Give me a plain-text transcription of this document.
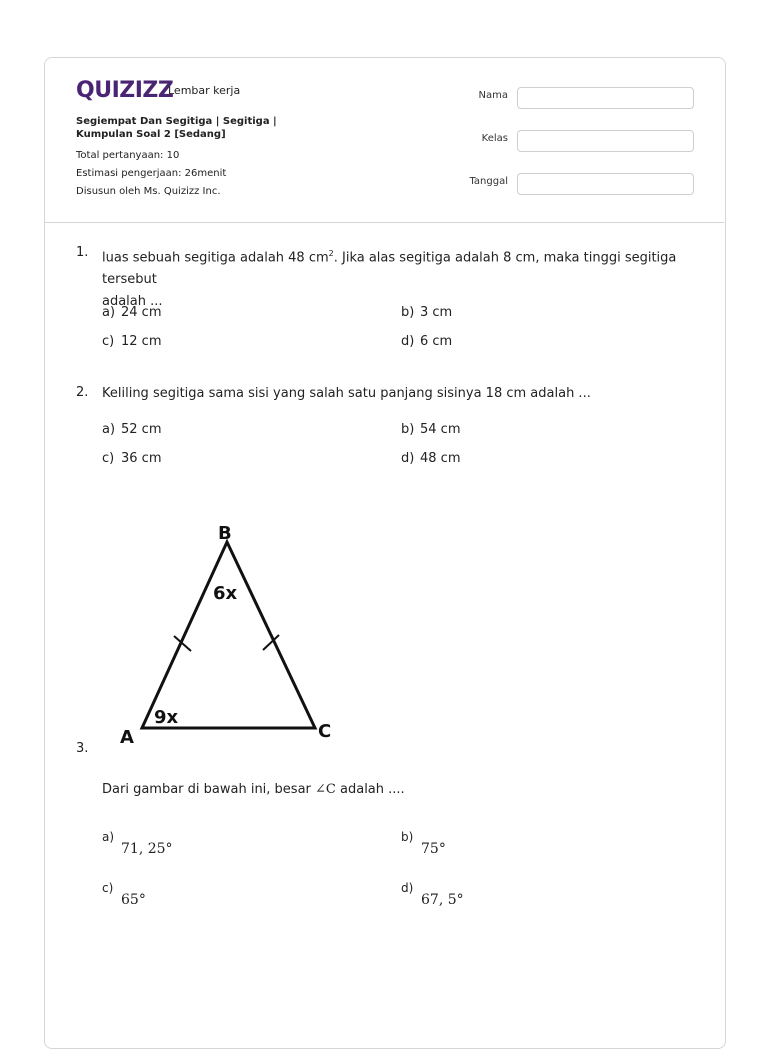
QUIZIZZ
Lembar kerja
Segiempat Dan Segitiga | Segitiga | Kumpulan Soal 2 [Sedang]
Total pertanyaan: 10
Estimasi pengerjaan: 26menit
Disusun oleh Ms. Quizizz Inc.
Nama
Kelas
Tanggal
1. luas sebuah segitiga adalah 48 $cm^2$. Jika alas segitiga adalah 8 cm, maka tinggi segitiga tersebut
adalah ...
a) 24 cm	b) 3 cm
c) 12 cm	d) 6 cm
2. Keliling segitiga sama sisi yang salah satu panjang sisinya 18 cm adalah ...
a) 52 cm	b) 54 cm
c) 36 cm	d) 48 cm
B
A	C
6x
9x
3.
Dari gambar di bawah ini, besar ∠C adalah ....
a)
71, 25°
b)
75°
c)
65°
d)
67, 5°
